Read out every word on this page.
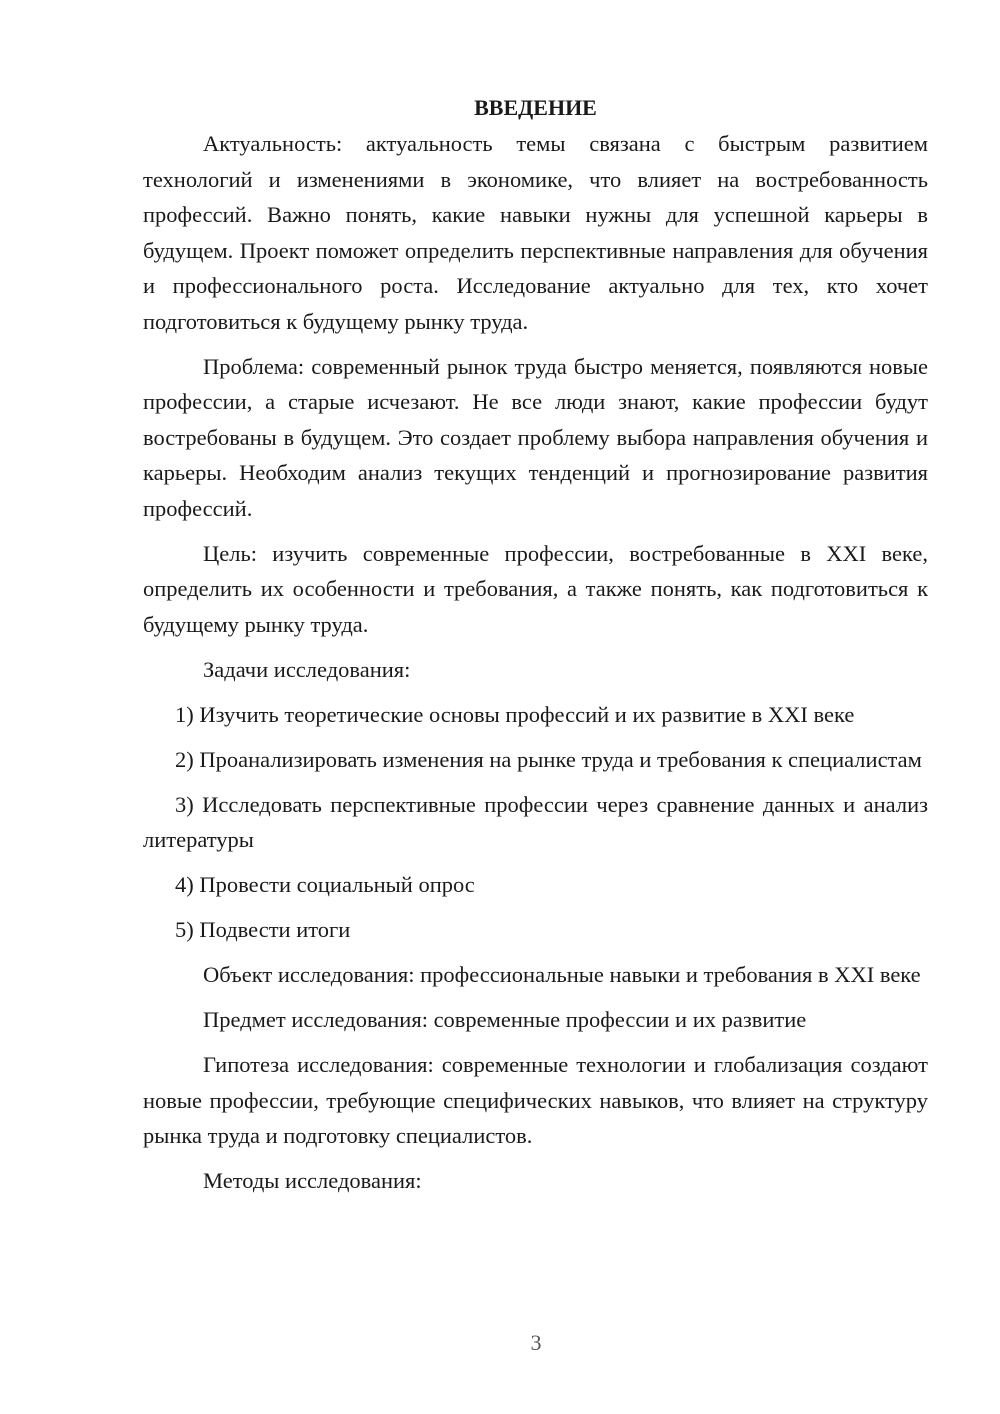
ВВЕДЕНИЕ

Актуальность: актуальность темы связана с быстрым развитием технологий и изменениями в экономике, что влияет на востребованность профессий. Важно понять, какие навыки нужны для успешной карьеры в будущем. Проект поможет определить перспективные направления для обучения и профессионального роста. Исследование актуально для тех, кто хочет подготовиться к будущему рынку труда.

Проблема: современный рынок труда быстро меняется, появляются новые профессии, а старые исчезают. Не все люди знают, какие профессии будут востребованы в будущем. Это создает проблему выбора направления обучения и карьеры. Необходим анализ текущих тенденций и прогнозирование развития профессий.

Цель: изучить современные профессии, востребованные в XXI веке, определить их особенности и требования, а также понять, как подготовиться к будущему рынку труда.

Задачи исследования:

1) Изучить теоретические основы профессий и их развитие в XXI веке

2) Проанализировать изменения на рынке труда и требования к специалистам

3) Исследовать перспективные профессии через сравнение данных и анализ литературы

4) Провести социальный опрос

5) Подвести итоги

Объект исследования: профессиональные навыки и требования в XXI веке

Предмет исследования: современные профессии и их развитие

Гипотеза исследования: современные технологии и глобализация создают новые профессии, требующие специфических навыков, что влияет на структуру рынка труда и подготовку специалистов.

Методы исследования:

3
